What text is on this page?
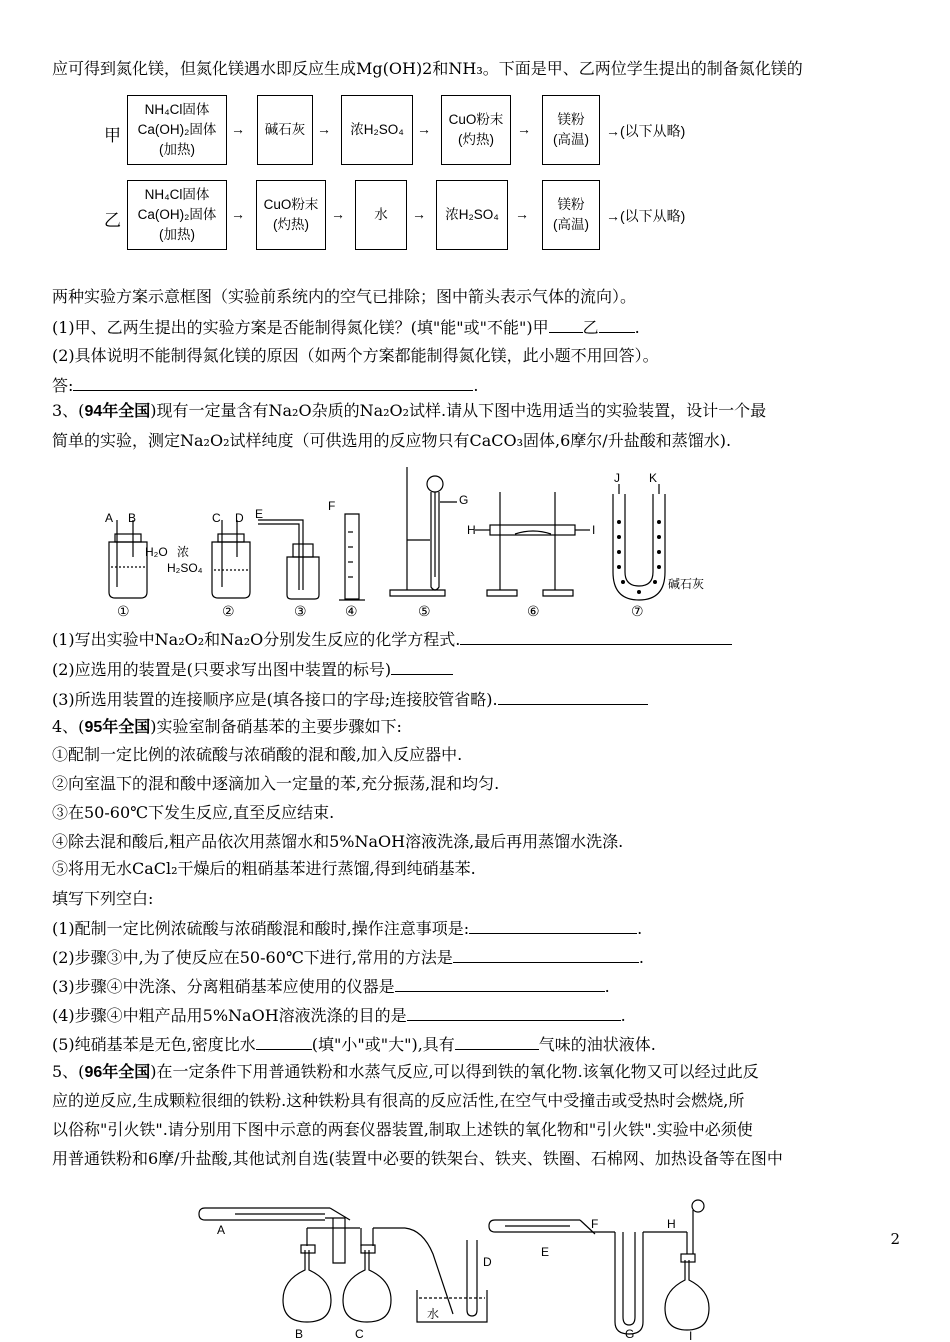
应可得到氮化镁，但氮化镁遇水即反应生成Mg(OH)2和NH₃。下面是甲、乙两位学生提出的制备氮化镁的
甲
NH₄Cl固体
Ca(OH)₂固体
(加热)
→ 碱石灰 → 浓H₂SO₄ →
CuO粉末
(灼热)
→
镁粉
(高温)
→(以下从略)
乙
NH₄Cl固体
Ca(OH)₂固体
(加热)
→
CuO粉末
(灼热)
→ 水 → 浓H₂SO₄ →
镁粉
(高温)
→(以下从略)
两种实验方案示意框图（实验前系统内的空气已排除；图中箭头表示气体的流向）。
(1)甲、乙两生提出的实验方案是否能制得氮化镁？(填"能"或"不能")甲 乙 .
(2)具体说明不能制得氮化镁的原因（如两个方案都能制得氮化镁，此小题不用回答）。
答:	.
3、(94年全国)现有一定量含有Na₂O杂质的Na₂O₂试样.请从下图中选用适当的实验装置，设计一个最
简单的实验，测定Na₂O₂试样纯度（可供选用的反应物只有CaCO₃固体,6摩尔/升盐酸和蒸馏水).
A B	C D E
F	G
H	I
J K
H₂O 浓
H₂SO₄
碱石灰
①	②	③	④	⑤	⑥	⑦
(1)写出实验中Na₂O₂和Na₂O分别发生反应的化学方程式.
(2)应选用的装置是(只要求写出图中装置的标号)
(3)所选用装置的连接顺序应是(填各接口的字母;连接胶管省略).
4、(95年全国)实验室制备硝基苯的主要步骤如下:
①配制一定比例的浓硫酸与浓硝酸的混和酸,加入反应器中.
②向室温下的混和酸中逐滴加入一定量的苯,充分振荡,混和均匀.
③在50-60℃下发生反应,直至反应结束.
④除去混和酸后,粗产品依次用蒸馏水和5%NaOH溶液洗涤,最后再用蒸馏水洗涤.
⑤将用无水CaCl₂干燥后的粗硝基苯进行蒸馏,得到纯硝基苯.
填写下列空白:
(1)配制一定比例浓硫酸与浓硝酸混和酸时,操作注意事项是:	.
(2)步骤③中,为了使反应在50-60℃下进行,常用的方法是	.
(3)步骤④中洗涤、分离粗硝基苯应使用的仪器是	.
(4)步骤④中粗产品用5%NaOH溶液洗涤的目的是	.
(5)纯硝基苯是无色,密度比水	(填"小"或"大"),具有	气味的油状液体.
5、(96年全国)在一定条件下用普通铁粉和水蒸气反应,可以得到铁的氧化物.该氧化物又可以经过此反
应的逆反应,生成颗粒很细的铁粉.这种铁粉具有很高的反应活性,在空气中受撞击或受热时会燃烧,所
以俗称"引火铁".请分别用下图中示意的两套仪器装置,制取上述铁的氧化物和"引火铁".实验中必须使
用普通铁粉和6摩/升盐酸,其他试剂自选(装置中必要的铁架台、铁夹、铁圈、石棉网、加热设备等在图中
A
B	C
D
E
F
G
H
I
水
2
